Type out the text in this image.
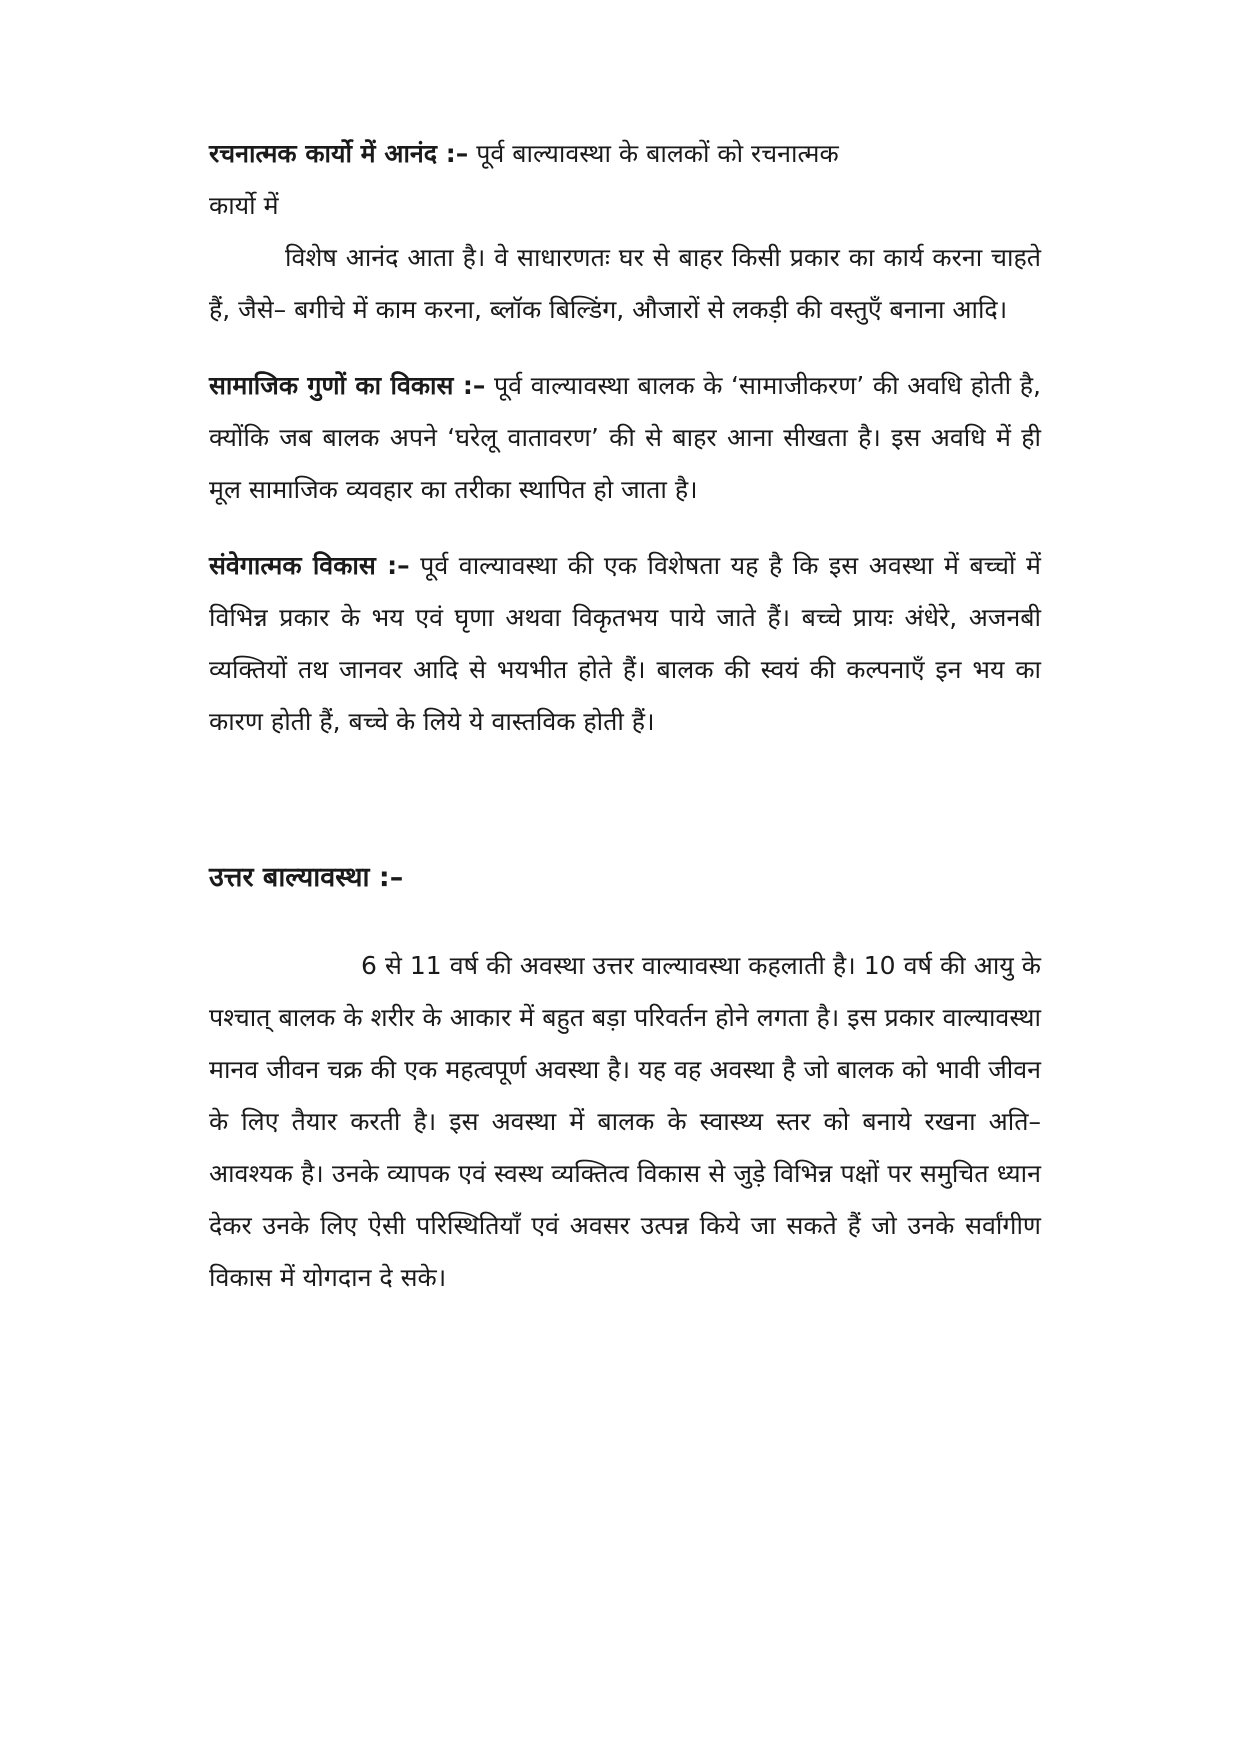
रचनात्मक कार्यो में आनंद :– पूर्व बाल्यावस्था के बालकों को रचनात्मक
कार्यो में

विशेष आनंद आता है। वे साधारणतः घर से बाहर किसी प्रकार का कार्य करना चाहते हैं, जैसे– बगीचे में काम करना, ब्लॉक बिल्डिंग, औजारों से लकड़ी की वस्तुएँ बनाना आदि।

सामाजिक गुणों का विकास :– पूर्व वाल्यावस्था बालक के ‘सामाजीकरण’ की अवधि होती है, क्योंकि जब बालक अपने ‘घरेलू वातावरण’ की से बाहर आना सीखता है। इस अवधि में ही मूल सामाजिक व्यवहार का तरीका स्थापित हो जाता है।

संवेगात्मक विकास :– पूर्व वाल्यावस्था की एक विशेषता यह है कि इस अवस्था में बच्चों में विभिन्न प्रकार के भय एवं घृणा अथवा विकृतभय पाये जाते हैं। बच्चे प्रायः अंधेरे, अजनबी व्यक्तियों तथ जानवर आदि से भयभीत होते हैं। बालक की स्वयं की कल्पनाएँ इन भय का कारण होती हैं, बच्चे के लिये ये वास्तविक होती हैं।

उत्तर बाल्यावस्था :–

6 से 11 वर्ष की अवस्था उत्तर वाल्यावस्था कहलाती है। 10 वर्ष की आयु के पश्चात् बालक के शरीर के आकार में बहुत बड़ा परिवर्तन होने लगता है। इस प्रकार वाल्यावस्था मानव जीवन चक्र की एक महत्वपूर्ण अवस्था है। यह वह अवस्था है जो बालक को भावी जीवन के लिए तैयार करती है। इस अवस्था में बालक के स्वास्थ्य स्तर को बनाये रखना अति–आवश्यक है। उनके व्यापक एवं स्वस्थ व्यक्तित्व विकास से जुड़े विभिन्न पक्षों पर समुचित ध्यान देकर उनके लिए ऐसी परिस्थितियाँ एवं अवसर उत्पन्न किये जा सकते हैं जो उनके सर्वांगीण विकास में योगदान दे सके।
